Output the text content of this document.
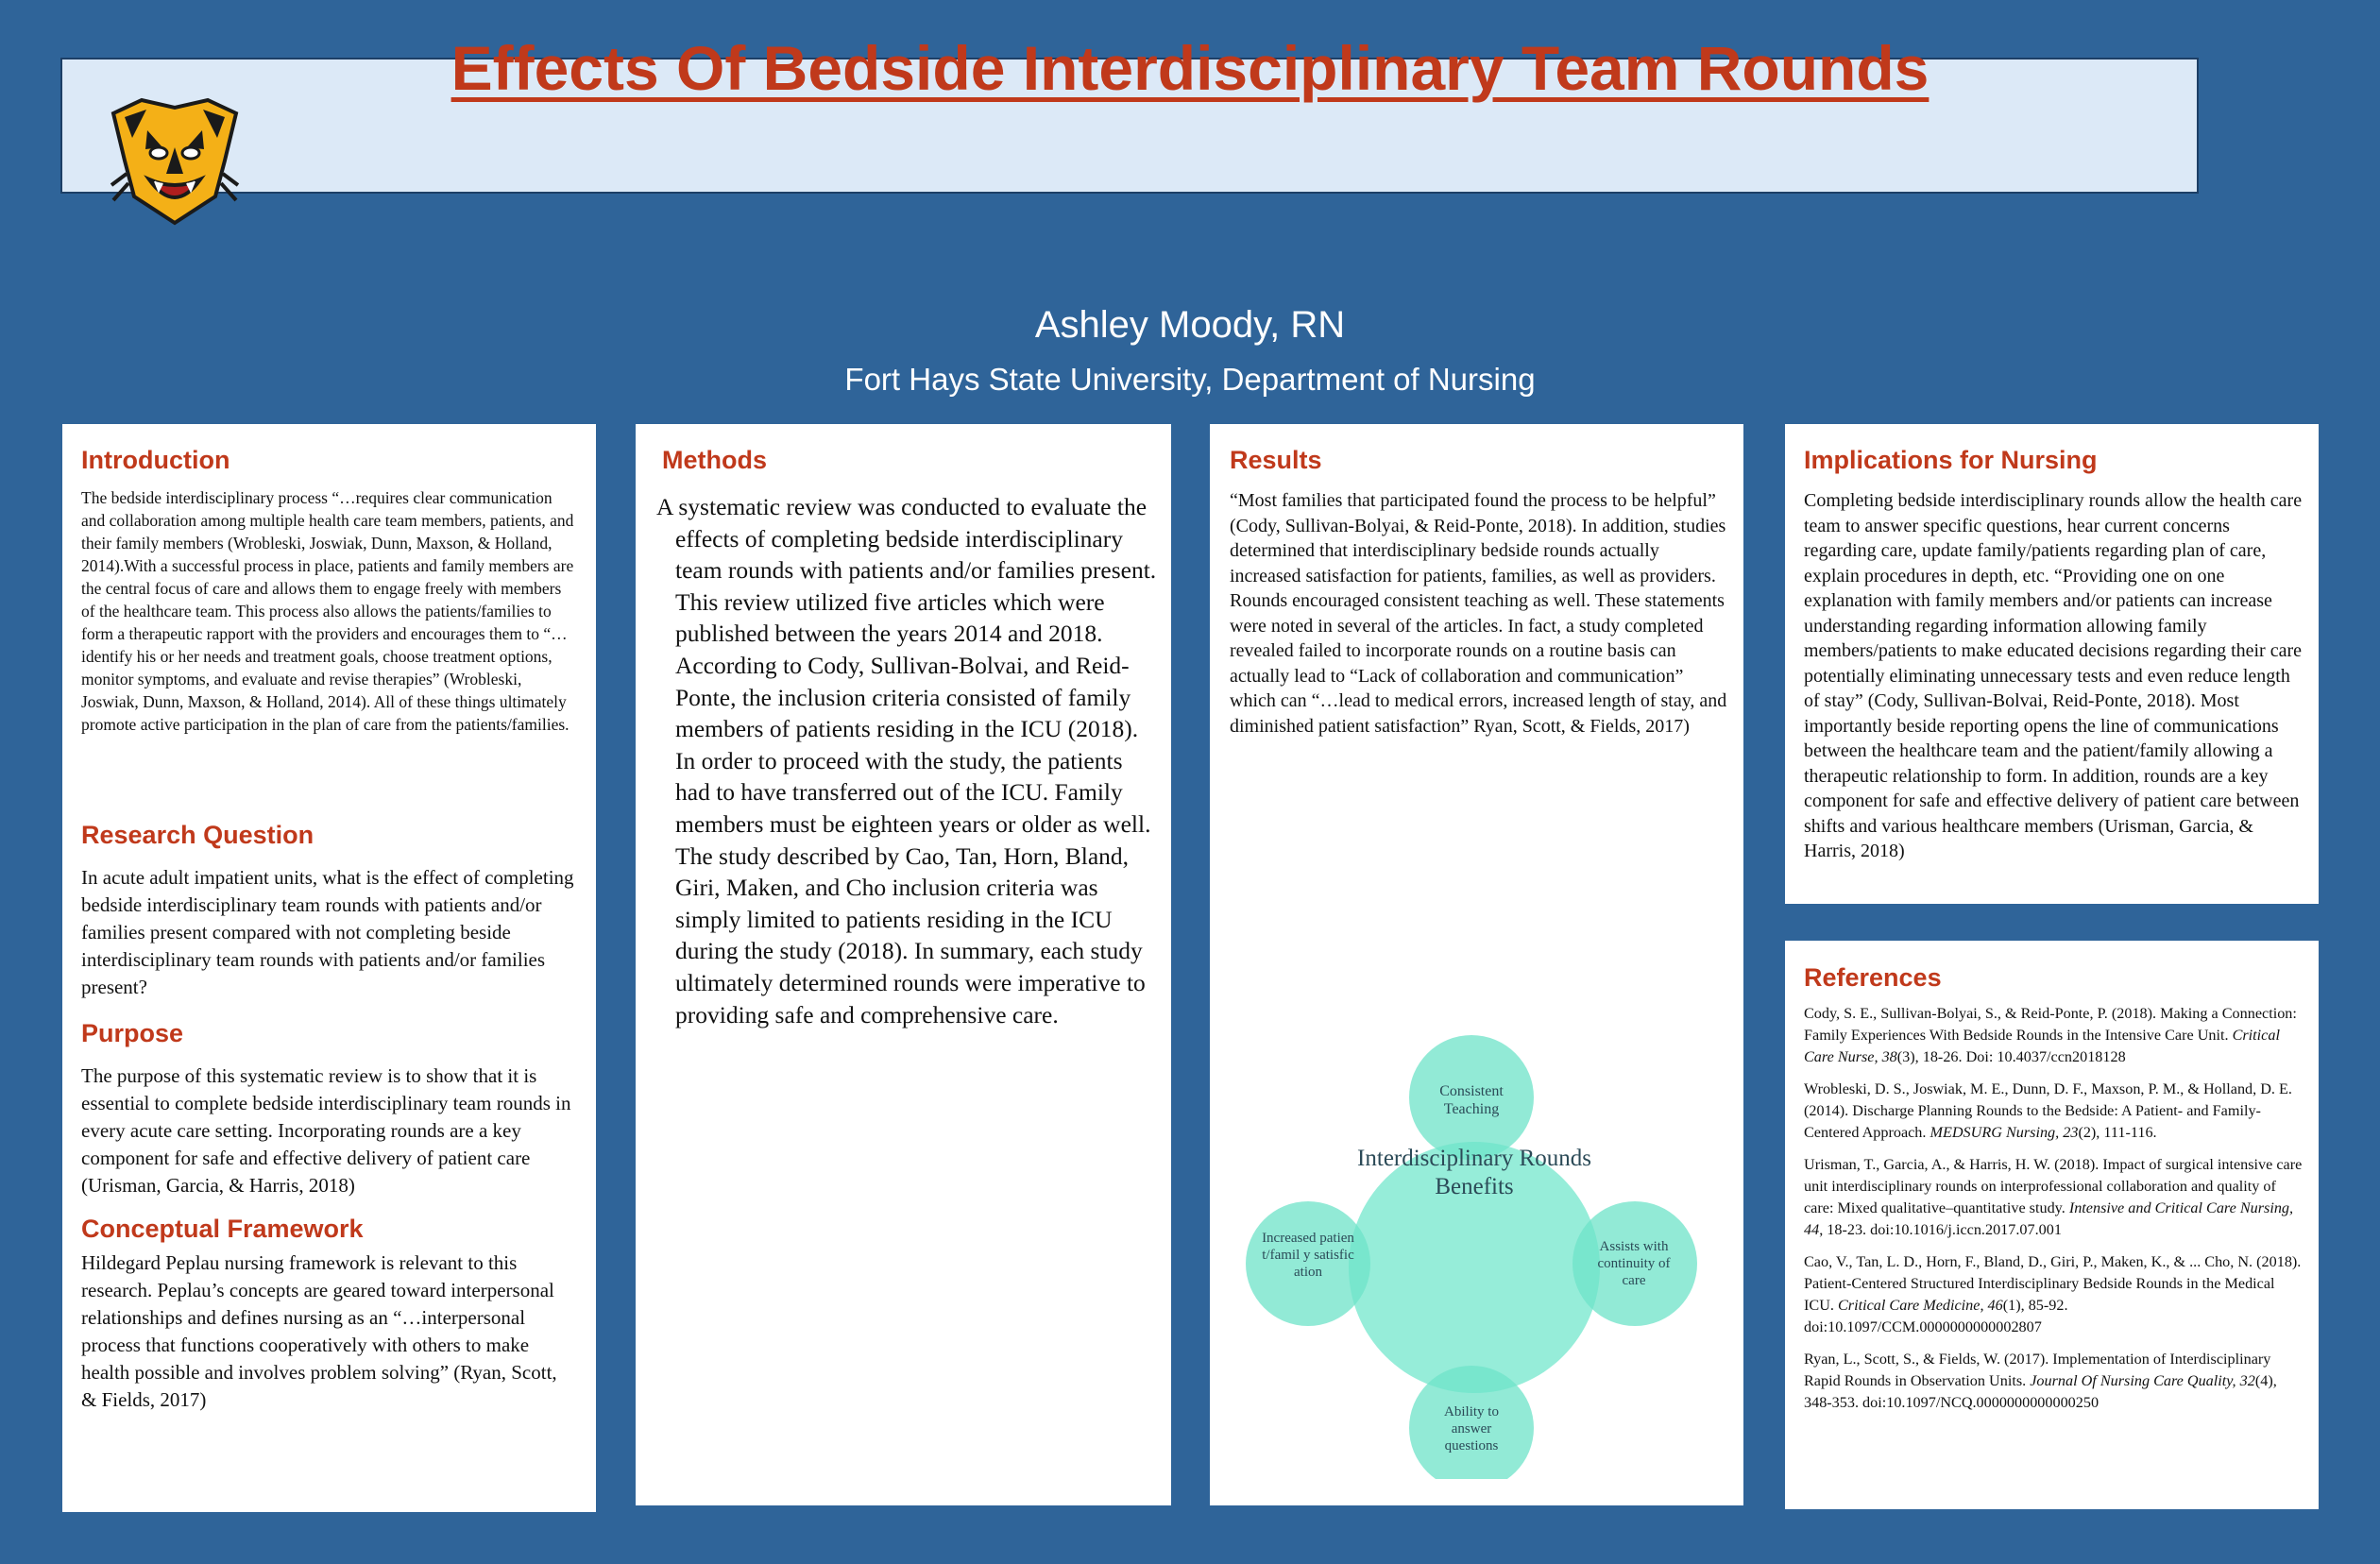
Effects Of Bedside Interdisciplinary Team Rounds
Ashley Moody, RN
Fort Hays State University, Department of Nursing
Introduction
The bedside interdisciplinary process “…requires clear communication and collaboration among multiple health care team members, patients, and their family members (Wrobleski, Joswiak, Dunn, Maxson, & Holland, 2014).With a successful process in place, patients and family members are the central focus of care and allows them to engage freely with members of the healthcare team. This process also allows the patients/families to form a therapeutic rapport with the providers and encourages them to “…identify his or her needs and treatment goals, choose treatment options, monitor symptoms, and evaluate and revise therapies” (Wrobleski, Joswiak, Dunn, Maxson, & Holland, 2014). All of these things ultimately promote active participation in the plan of care from the patients/families.
Research Question
In acute adult impatient units, what is the effect of completing bedside interdisciplinary team rounds with patients and/or families present compared with not completing beside interdisciplinary team rounds with patients and/or families present?
Purpose
The purpose of this systematic review is to show that it is essential to complete bedside interdisciplinary team rounds in every acute care setting. Incorporating rounds are a key component for safe and effective delivery of patient care (Urisman, Garcia, & Harris, 2018)
Conceptual Framework
Hildegard Peplau nursing framework is relevant to this research. Peplau’s concepts are geared toward interpersonal relationships and defines nursing as an “…interpersonal process that functions cooperatively with others to make health possible and involves problem solving” (Ryan, Scott, & Fields, 2017)
Methods
A systematic review was conducted to evaluate the effects of completing bedside interdisciplinary team rounds with patients and/or families present. This review utilized five articles which were published between the years 2014 and 2018. According to Cody, Sullivan-Bolvai, and Reid-Ponte, the inclusion criteria consisted of family members of patients residing in the ICU (2018). In order to proceed with the study, the patients had to have transferred out of the ICU. Family members must be eighteen years or older as well. The study described by Cao, Tan, Horn, Bland, Giri, Maken, and Cho inclusion criteria was simply limited to patients residing in the ICU during the study (2018). In summary, each study ultimately determined rounds were imperative to providing safe and comprehensive care.
Results
“Most families that participated found the process to be helpful” (Cody, Sullivan-Bolyai, & Reid-Ponte, 2018). In addition, studies determined that interdisciplinary bedside rounds actually increased satisfaction for patients, families, as well as providers. Rounds encouraged consistent teaching as well. These statements were noted in several of the articles. In fact, a study completed revealed failed to incorporate rounds on a routine basis can actually lead to “Lack of collaboration and communication” which can “…lead to medical errors, increased length of stay, and diminished patient satisfaction” Ryan, Scott, & Fields, 2017)
Interdisciplinary Rounds Benefits
Consistent Teaching
Assists with continuity of care
Ability to answer questions
Increased patient/famil y satisfication
Implications for Nursing
Completing bedside interdisciplinary rounds allow the health care team to answer specific questions, hear current concerns regarding care, update family/patients regarding plan of care, explain procedures in depth, etc. “Providing one on one explanation with family members and/or patients can increase understanding regarding information allowing family members/patients to make educated decisions regarding their care potentially eliminating unnecessary tests and even reduce length of stay” (Cody, Sullivan-Bolvai, Reid-Ponte, 2018). Most importantly beside reporting opens the line of communications between the healthcare team and the patient/family allowing a therapeutic relationship to form. In addition, rounds are a key component for safe and effective delivery of patient care between shifts and various healthcare members (Urisman, Garcia, & Harris, 2018)
References
Cody, S. E., Sullivan-Bolyai, S., & Reid-Ponte, P. (2018). Making a Connection: Family Experiences With Bedside Rounds in the Intensive Care Unit. Critical Care Nurse, 38(3), 18-26. Doi: 10.4037/ccn2018128
Wrobleski, D. S., Joswiak, M. E., Dunn, D. F., Maxson, P. M., & Holland, D. E. (2014). Discharge Planning Rounds to the Bedside: A Patient- and Family- Centered Approach. MEDSURG Nursing, 23(2), 111-116.
Urisman, T., Garcia, A., & Harris, H. W. (2018). Impact of surgical intensive care unit interdisciplinary rounds on interprofessional collaboration and quality of care: Mixed qualitative–quantitative study. Intensive and Critical Care Nursing, 44, 18-23. doi:10.1016/j.iccn.2017.07.001
Cao, V., Tan, L. D., Horn, F., Bland, D., Giri, P., Maken, K., & ... Cho, N. (2018). Patient-Centered Structured Interdisciplinary Bedside Rounds in the Medical ICU. Critical Care Medicine, 46(1), 85-92. doi:10.1097/CCM.0000000000002807
Ryan, L., Scott, S., & Fields, W. (2017). Implementation of Interdisciplinary Rapid Rounds in Observation Units. Journal Of Nursing Care Quality, 32(4), 348-353. doi:10.1097/NCQ.0000000000000250
